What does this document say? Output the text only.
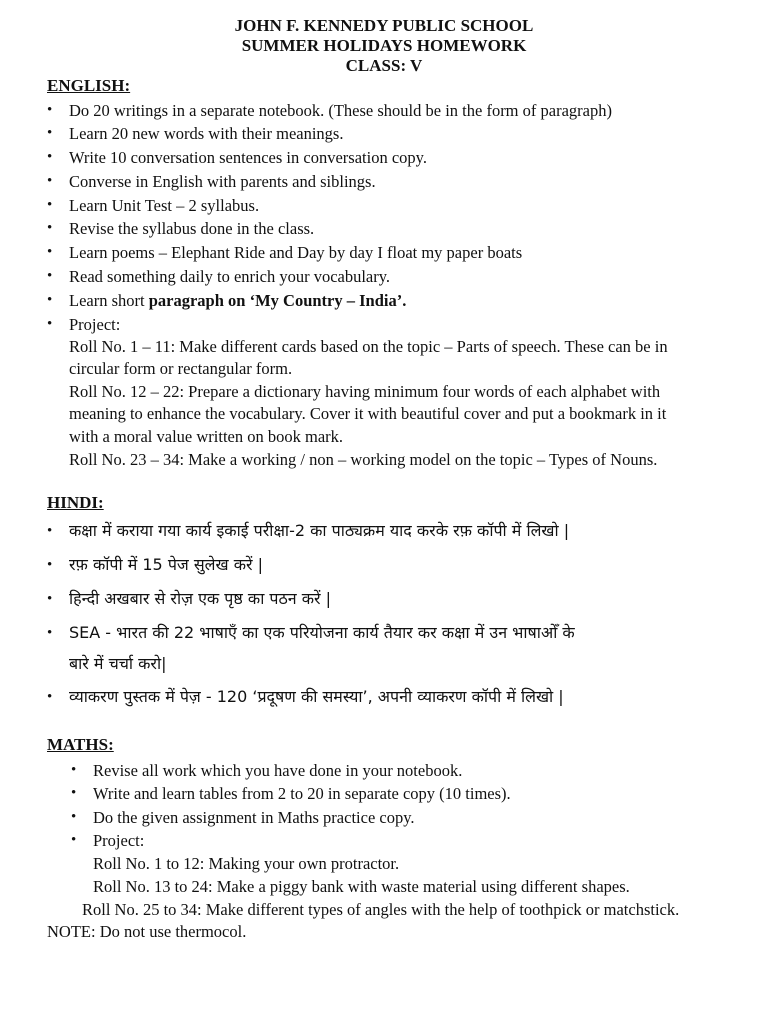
JOHN F. KENNEDY PUBLIC SCHOOL
SUMMER HOLIDAYS HOMEWORK
CLASS: V
ENGLISH:
• Do 20 writings in a separate notebook. (These should be in the form of paragraph)
• Learn 20 new words with their meanings.
• Write 10 conversation sentences in conversation copy.
• Converse in English with parents and siblings.
• Learn Unit Test – 2 syllabus.
• Revise the syllabus done in the class.
• Learn poems – Elephant Ride and Day by day I float my paper boats
• Read something daily to enrich your vocabulary.
• Learn short paragraph on ‘My Country – India’.
• Project:
Roll No. 1 – 11: Make different cards based on the topic – Parts of speech. These can be in
circular form or rectangular form.
Roll No. 12 – 22: Prepare a dictionary having minimum four words of each alphabet with
meaning to enhance the vocabulary. Cover it with beautiful cover and put a bookmark in it
with a moral value written on book mark.
Roll No. 23 – 34: Make a working / non – working model on the topic – Types of Nouns.
HINDI:
• कक्षा में कराया गया कार्य इकाई परीक्षा-2 का पाठ्यक्रम याद करके रफ़ कॉपी में लिखो |
• रफ़ कॉपी में 15 पेज सुलेख करें |
• हिन्दी अखबार से रोज़ एक पृष्ठ का पठन करें |
• SEA - भारत की 22 भाषाएँ का एक परियोजना कार्य तैयार कर कक्षा में उन भाषाओँ के
बारे में चर्चा करो|
• व्याकरण पुस्तक में पेज़ - 120 ‘प्रदूषण की समस्या’, अपनी व्याकरण कॉपी में लिखो |
MATHS:
• Revise all work which you have done in your notebook.
• Write and learn tables from 2 to 20 in separate copy (10 times).
• Do the given assignment in Maths practice copy.
• Project:
Roll No. 1 to 12: Making your own protractor.
Roll No. 13 to 24: Make a piggy bank with waste material using different shapes.
Roll No. 25 to 34: Make different types of angles with the help of toothpick or matchstick.
NOTE: Do not use thermocol.
